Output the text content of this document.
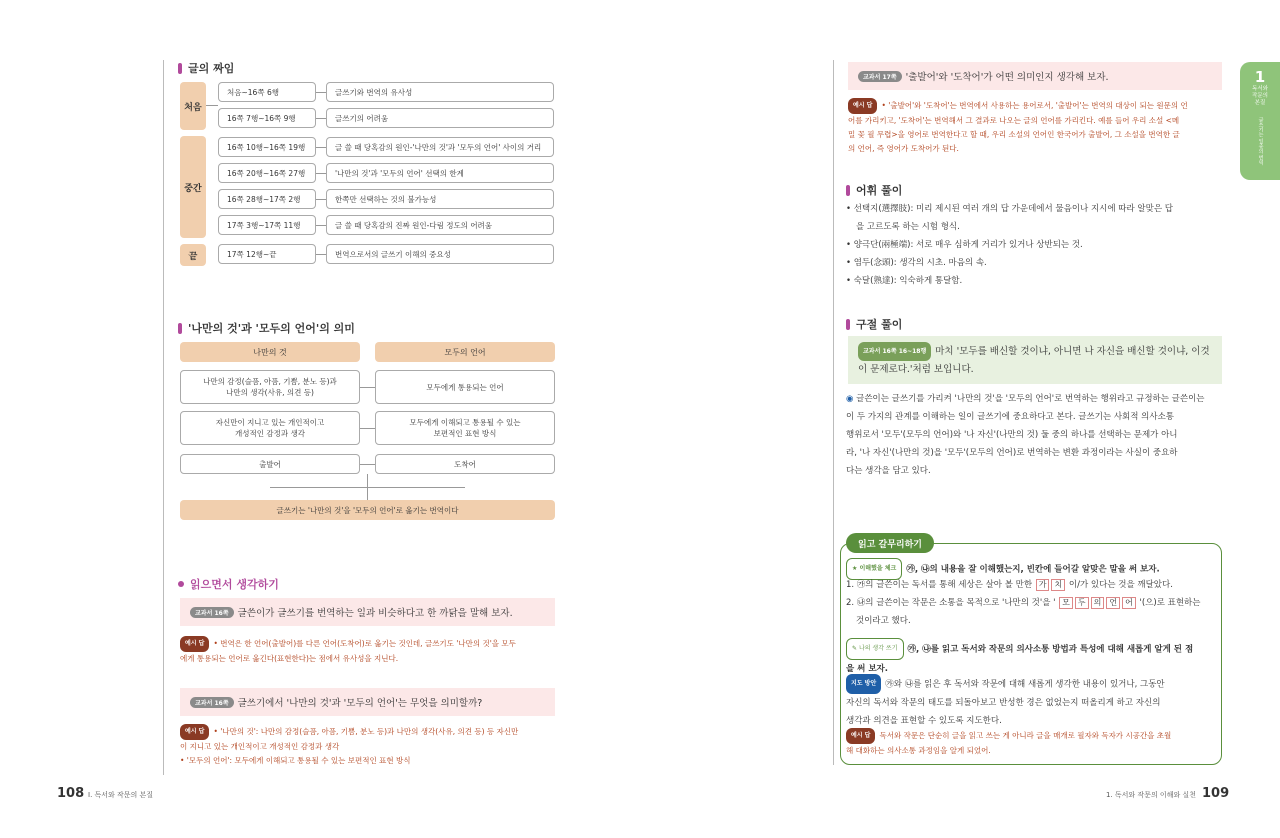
글의 짜임
처음
중간
끝
처음~16쪽 6행	글쓰기와 번역의 유사성
16쪽 7행~16쪽 9행	글쓰기의 어려움
16쪽 10행~16쪽 19행	글 쓸 때 당혹감의 원인-'나만의 것'과 '모두의 언어' 사이의 거리
16쪽 20행~16쪽 27행	'나만의 것'과 '모두의 언어' 선택의 한계
16쪽 28행~17쪽 2행	한쪽만 선택하는 것의 불가능성
17쪽 3행~17쪽 11행	글 쓸 때 당혹감의 진짜 원인-다림 정도의 어려움
17쪽 12행~끝	번역으로서의 글쓰기 이해의 중요성
'나만의 것'과 '모두의 언어'의 의미
나만의 것	모두의 언어
나만의 감정(슬픔, 아픔, 기쁨, 분노 등)과
나만의 생각(사유, 의견 등)
모두에게 통용되는 언어
자신만이 지니고 있는 개인적이고
개성적인 감정과 생각
모두에게 이해되고 통용될 수 있는
보편적인 표현 방식
출발어	도착어
글쓰기는 '나만의 것'을 '모두의 언어'로 옮기는 번역이다
읽으면서 생각하기
교과서 16쪽 글쓴이가 글쓰기를 번역하는 일과 비슷하다고 한 까닭을 말해 보자.
예시 답 • 번역은 한 언어(출발어)를 다른 언어(도착어)로 옮기는 것인데, 글쓰기도 '나만의 것'을 모두
에게 통용되는 언어로 옮긴다(표현한다)는 점에서 유사성을 지닌다.
교과서 16쪽 글쓰기에서 '나만의 것'과 '모두의 언어'는 무엇을 의미할까?
예시 답 • '나만의 것': 나만의 감정(슬픔, 아픔, 기쁨, 분노 등)과 나만의 생각(사유, 의견 등) 등 자신만
이 지니고 있는 개인적이고 개성적인 감정과 생각
• '모두의 언어': 모두에게 이해되고 통용될 수 있는 보편적인 표현 방식
108 I. 독서와 작문의 본질
교과서 17쪽 '출발어'와 '도착어'가 어떤 의미인지 생각해 보자.
예시 답 • '출발어'와 '도착어'는 번역에서 사용하는 용어로서, '출발어'는 번역의 대상이 되는 원문의 언
어를 가리키고, '도착어'는 번역해서 그 결과로 나오는 글의 언어를 가리킨다. 예를 들어 우리 소설 <메
밀 꽃 필 무렵>을 영어로 번역한다고 할 때, 우리 소설의 언어인 한국어가 출발어, 그 소설을 번역한 글
의 언어, 즉 영어가 도착어가 된다.
어휘 풀이
• 선택지(選擇肢): 미리 제시된 여러 개의 답 가운데에서 물음이나 지시에 따라 알맞은 답
을 고르도록 하는 시험 형식.
• 양극단(兩極端): 서로 매우 심하게 거리가 있거나 상반되는 것.
• 염두(念頭): 생각의 시초. 마음의 속.
• 숙달(熟達): 익숙하게 통달함.
구절 풀이
교과서 16쪽 16~18행 마치 '모두를 배신할 것이냐, 아니면 나 자신을 배신할 것이냐, 이것
이 문제로다.'처럼 보입니다.
◉ 글쓴이는 글쓰기를 가리켜 '나만의 것'을 '모두의 언어'로 번역하는 행위라고 규정하는 글쓴이는
이 두 가지의 관계를 이해하는 일이 글쓰기에 중요하다고 본다. 글쓰기는 사회적 의사소통
행위로서 '모두'(모두의 언어)와 '나 자신'(나만의 것) 둘 중의 하나를 선택하는 문제가 아니
라, '나 자신'(나만의 것)을 '모두'(모두의 언어)로 번역하는 변환 과정이라는 사실이 중요하
다는 생각을 담고 있다.
읽고 갈무리하기
★ 이해했을 체크 ㉮, ㉯의 내용을 잘 이해했는지, 빈칸에 들어갈 알맞은 말을 써 보자.
1. ㉮의 글쓴이는 독서를 통해 세상은 살아 볼 만한 가 치 이/가 있다는 것을 깨달았다.
2. ㉯의 글쓴이는 작문은 소통을 목적으로 '나만의 것'을 ' 모 두 의 언 어 '(으)로 표현하는
것이라고 했다.
✎ 나의 생각 쓰기 ㉮, ㉯를 읽고 독서와 작문의 의사소통 방법과 특성에 대해 새롭게 알게 된 점
을 써 보자.
지도 방안 ㉮와 ㉯를 읽은 후 독서와 작문에 대해 새롭게 생각한 내용이 있거나, 그동안
자신의 독서와 작문의 태도를 되돌아보고 반성한 경은 없었는지 떠올리게 하고 자신의
생각과 의견을 표현할 수 있도록 지도한다.
예시 답 독서와 작문은 단순히 글을 읽고 쓰는 게 아니라 글을 매개로 필자와 독자가 시공간을 초월
해 대화하는 의사소통 과정임을 알게 되었어.
1
독서와
작문의
본질
글쓰기는 일종의 번역
1. 독서와 작문의 이해와 실천 109
